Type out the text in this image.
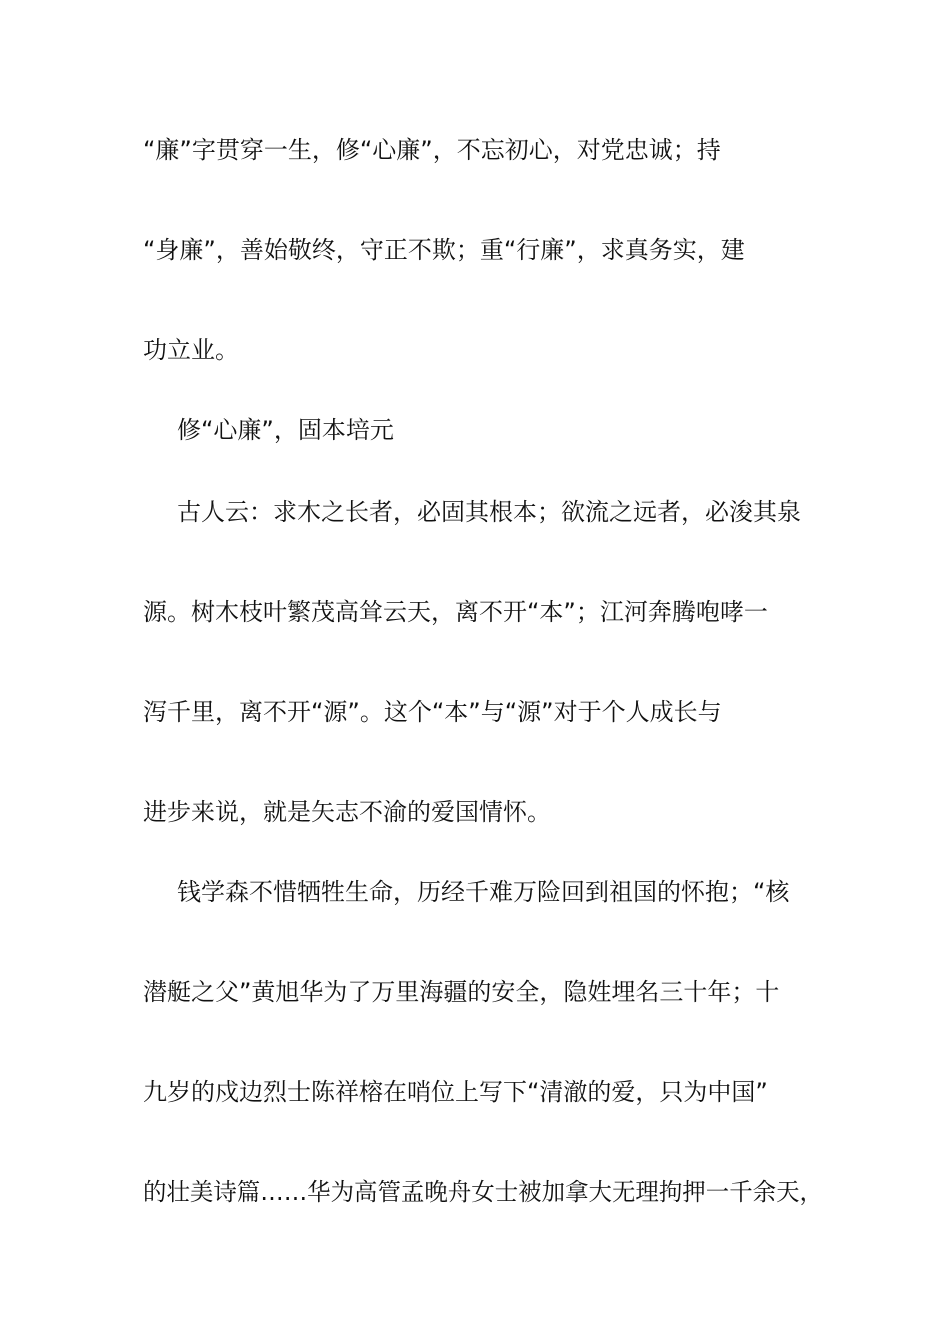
“廉”字贯穿一生，修“心廉”，不忘初心，对党忠诚；持
“身廉”，善始敬终，守正不欺；重“行廉”，求真务实，建
功立业。
修“心廉”，固本培元
古人云：求木之长者，必固其根本；欲流之远者，必浚其泉
源。树木枝叶繁茂高耸云天，离不开“本”；江河奔腾咆哮一
泻千里，离不开“源”。这个“本”与“源”对于个人成长与
进步来说，就是矢志不渝的爱国情怀。
钱学森不惜牺牲生命，历经千难万险回到祖国的怀抱；“核
潜艇之父”黄旭华为了万里海疆的安全，隐姓埋名三十年；十
九岁的戍边烈士陈祥榕在哨位上写下“清澈的爱，只为中国”
的壮美诗篇……华为高管孟晚舟女士被加拿大无理拘押一千余天，
